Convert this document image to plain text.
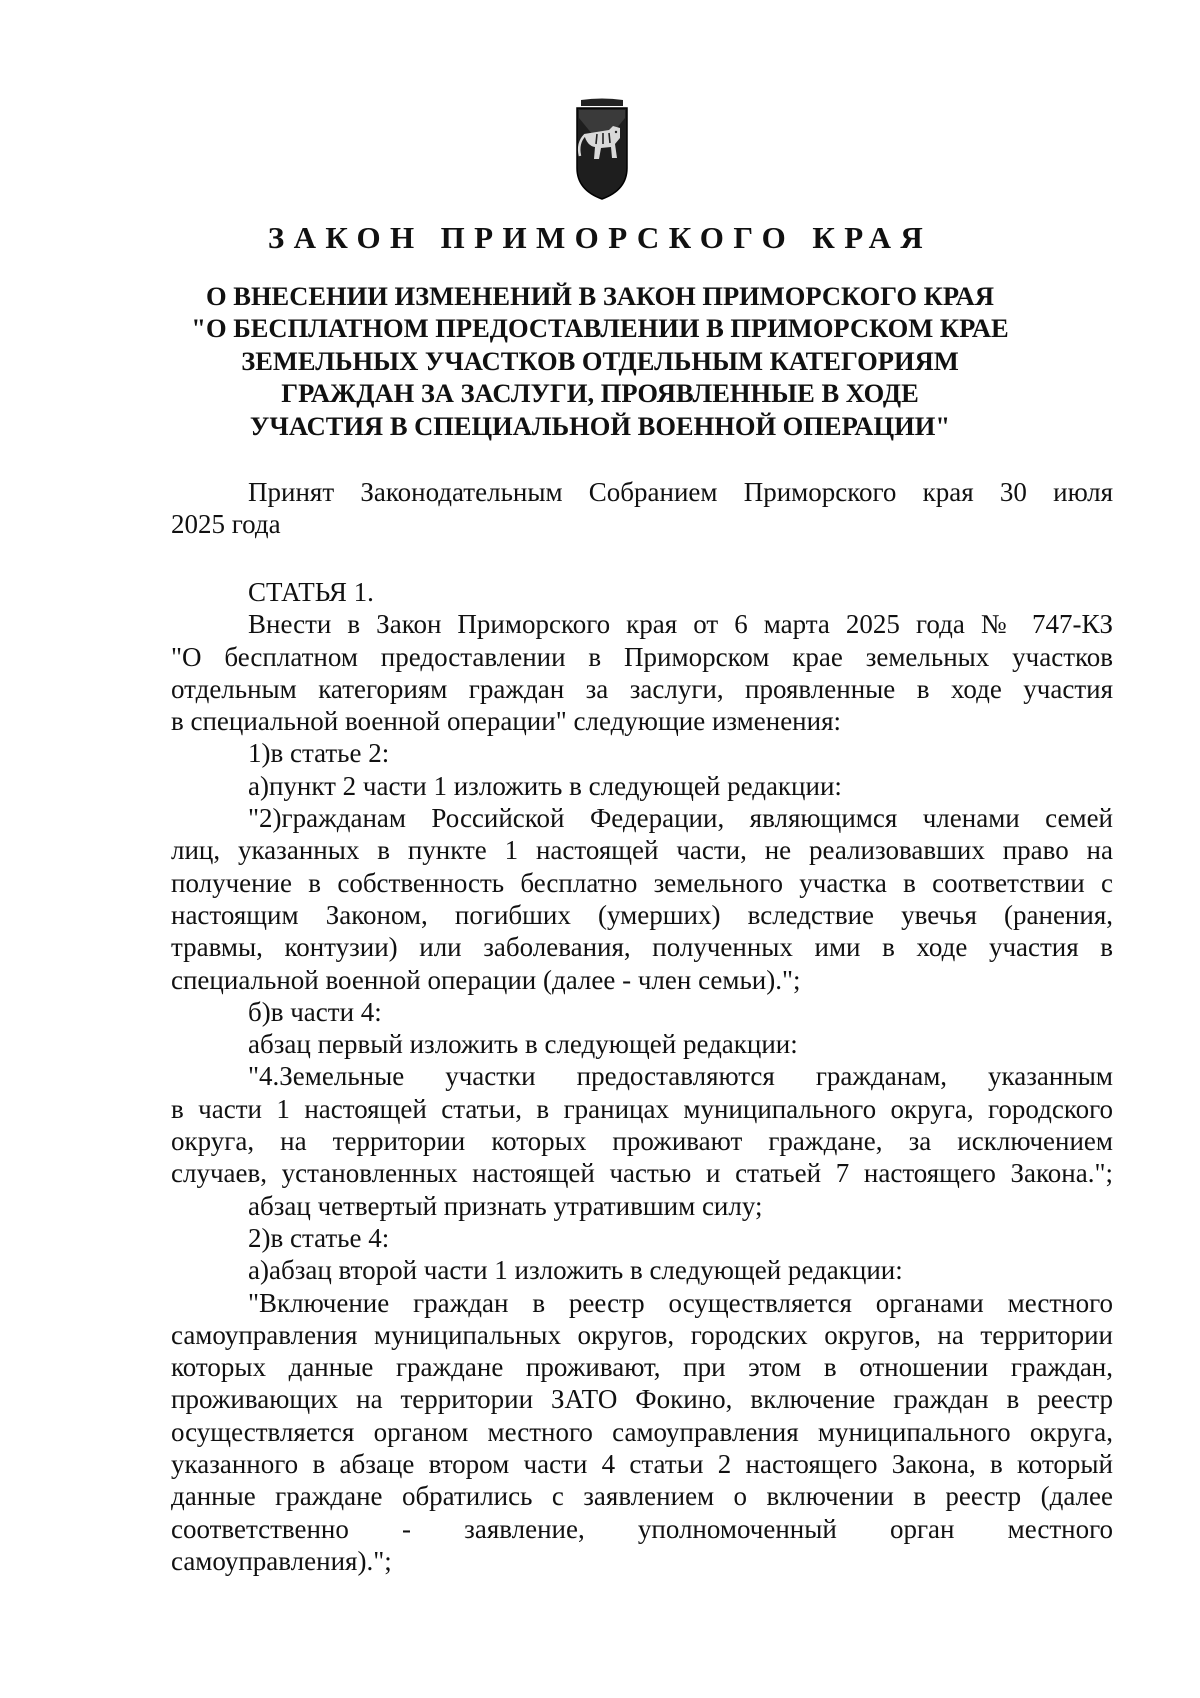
ЗАКОН ПРИМОРСКОГО КРАЯ
О ВНЕСЕНИИ ИЗМЕНЕНИЙ В ЗАКОН ПРИМОРСКОГО КРАЯ
"О БЕСПЛАТНОМ ПРЕДОСТАВЛЕНИИ В ПРИМОРСКОМ КРАЕ
ЗЕМЕЛЬНЫХ УЧАСТКОВ ОТДЕЛЬНЫМ КАТЕГОРИЯМ
ГРАЖДАН ЗА ЗАСЛУГИ, ПРОЯВЛЕННЫЕ В ХОДЕ
УЧАСТИЯ В СПЕЦИАЛЬНОЙ ВОЕННОЙ ОПЕРАЦИИ"
Принят Законодательным Собранием Приморского края 30 июля
2025 года
СТАТЬЯ 1.
Внести в Закон Приморского края от 6 марта 2025 года № 747-КЗ
"О бесплатном предоставлении в Приморском крае земельных участков
отдельным категориям граждан за заслуги, проявленные в ходе участия
в специальной военной операции" следующие изменения:
1)в статье 2:
а)пункт 2 части 1 изложить в следующей редакции:
"2)гражданам Российской Федерации, являющимся членами семей
лиц, указанных в пункте 1 настоящей части, не реализовавших право на
получение в собственность бесплатно земельного участка в соответствии с
настоящим Законом, погибших (умерших) вследствие увечья (ранения,
травмы, контузии) или заболевания, полученных ими в ходе участия в
специальной военной операции (далее - член семьи).";
б)в части 4:
абзац первый изложить в следующей редакции:
"4.Земельные участки предоставляются гражданам, указанным
в части 1 настоящей статьи, в границах муниципального округа, городского
округа, на территории которых проживают граждане, за исключением
случаев, установленных настоящей частью и статьей 7 настоящего Закона.";
абзац четвертый признать утратившим силу;
2)в статье 4:
а)абзац второй части 1 изложить в следующей редакции:
"Включение граждан в реестр осуществляется органами местного
самоуправления муниципальных округов, городских округов, на территории
которых данные граждане проживают, при этом в отношении граждан,
проживающих на территории ЗАТО Фокино, включение граждан в реестр
осуществляется органом местного самоуправления муниципального округа,
указанного в абзаце втором части 4 статьи 2 настоящего Закона, в который
данные граждане обратились с заявлением о включении в реестр (далее
соответственно - заявление, уполномоченный орган местного
самоуправления).";
